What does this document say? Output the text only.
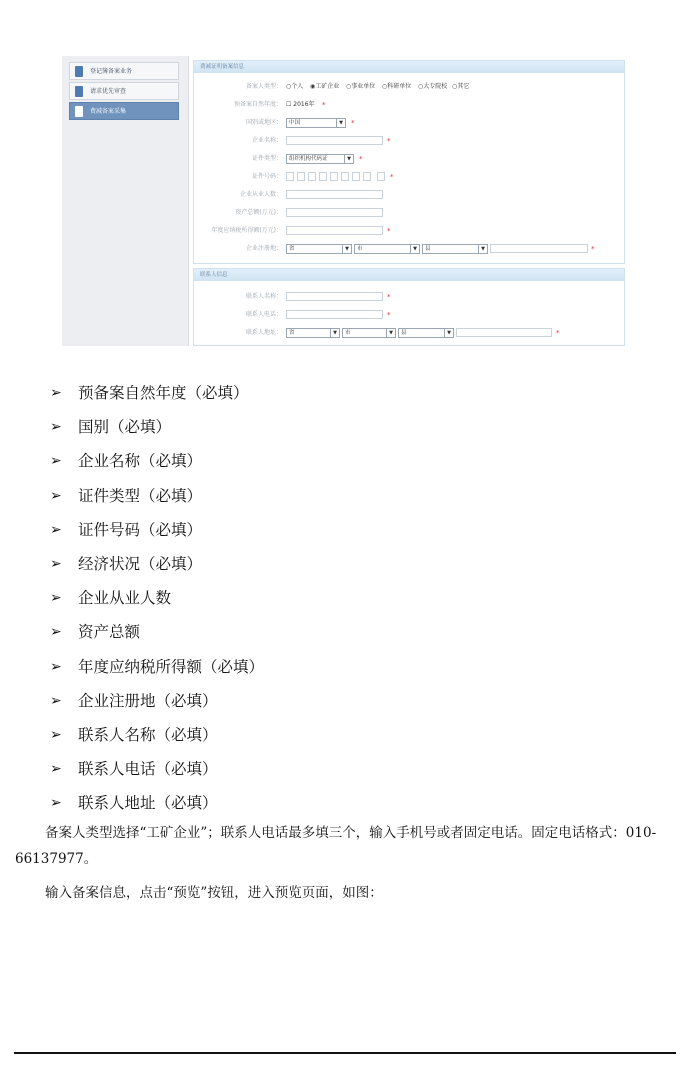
登记簿备案业务
请求优先审查
费减备案采集
费减证明备案信息
备案人类型： ○个人 ◉工矿企业 ○事业单位 ○科研单位 ○大专院校 ○其它
预备案自然年度： ☐ 2016年 *
国别或地区：	中国	▼ *
企业名称：	*
证件类型：	组织机构代码证	▼ *
证件号码：	*
企业从业人数：
资产总额(万元)：
年度应纳税所得额(万元)：	*
企业注册地：	省	▼	市	▼	县	▼	*
联系人信息
联系人名称：	*
联系人电话：	*
联系人地址：	省	▼	市	▼	县	▼	*
➢ 预备案自然年度（必填）
➢ 国别（必填）
➢ 企业名称（必填）
➢ 证件类型（必填）
➢ 证件号码（必填）
➢ 经济状况（必填）
➢ 企业从业人数
➢ 资产总额
➢ 年度应纳税所得额（必填）
➢ 企业注册地（必填）
➢ 联系人名称（必填）
➢ 联系人电话（必填）
➢ 联系人地址（必填）

备案人类型选择“工矿企业”；联系人电话最多填三个，输入手机号或者固定电话。固定电话格式：010-66137977。

输入备案信息，点击“预览”按钮，进入预览页面，如图：
